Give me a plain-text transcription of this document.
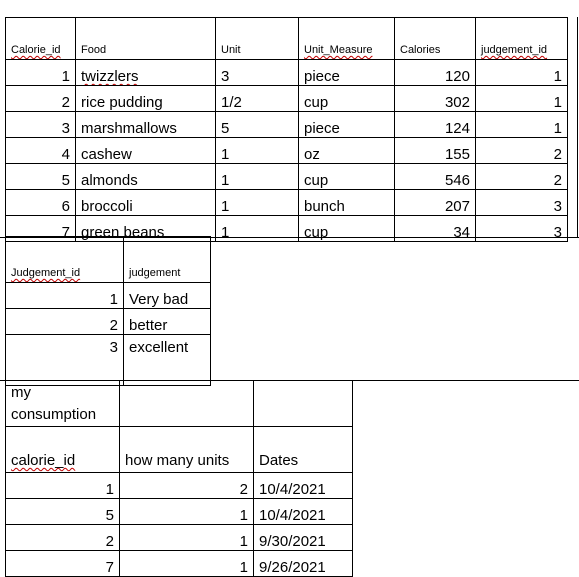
Calorie_id	Food	Unit	Unit_Measure	Calories	judgement_id
1	twizzlers	3	piece	120	1
2	rice pudding	1/2	cup	302	1
3	marshmallows	5	piece	124	1
4	cashew	1	oz	155	2
5	almonds	1	cup	546	2
6	broccoli	1	bunch	207	3
7	green beans	1	cup	34	3
Judgement_id	judgement
1	Very bad
2	better
3	excellent
my consumption		
calorie_id	how many units	Dates
1	2	10/4/2021
5	1	10/4/2021
2	1	9/30/2021
7	1	9/26/2021
